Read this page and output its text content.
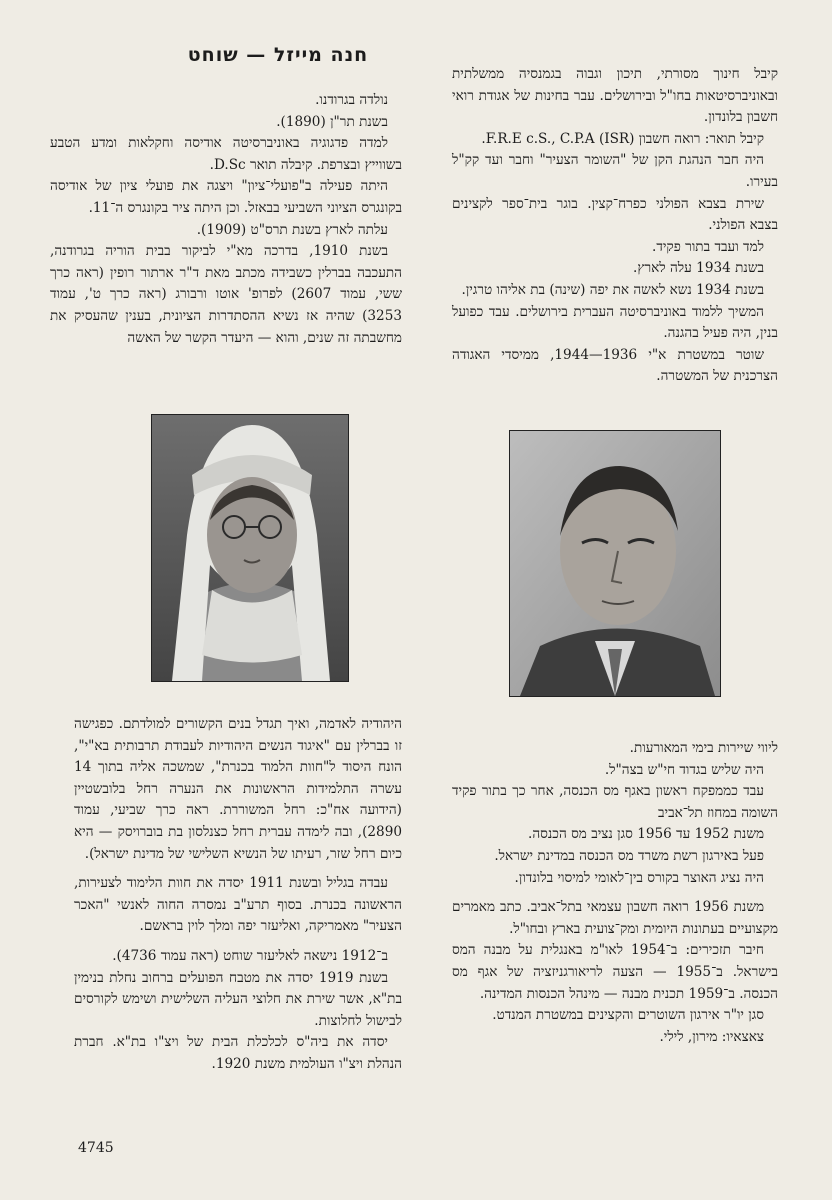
חנה מייזל — שוחט

קיבל חינוך מסורתי, תיכון וגבוה בגמנסיה ממשלתית ובאוניברסיטאות בחו"ל ובירושלים. עבר בחינות של אגודת רואי חשבון בלונדון.

קיבל תואר: רואה חשבון (ISR) F.R.E c.S., C.P.A.

היה חבר הנהגת הקן של "השומר הצעיר" וחבר ועד קק"ל בעירו.

שירת בצבא הפולני כפרח־קצין. בוגר בית־ספר לקצינים בצבא הפולני.

למד ועבד בתור פקיד.

בשנת 1934 עלה לארץ.

בשנת 1934 נשא לאשה את יפה (שינה) בת אליהו טרגין.

המשיך ללמוד באוניברסיטה העברית בירושלים. עבד כפועל בנין, היה פעיל בהגנה.

שוטר במשטרת א"י 1936—1944, ממיסדי האגודה הצרכנית של המשטרה.

נולדה בגרודנו.

בשנת תר"ן (1890).

למדה פדגוגיה באוניברסיטה אודיסה וחקלאות ומדע הטבע בשווייץ ובצרפת. קיבלה תואר D.Sc.

היתה פעילה ב"פועלי־ציון" ויצגה את פועלי ציון של אודיסה בקונגרס הציוני השביעי בבאזל. וכן היתה ציר בקונגרס ה־11.

עלתה לארץ בשנת תרס"ט (1909).

בשנת 1910, בדרכה מא"י לביקור בבית הוריה בגרודנה, התעכבה בברלין כשבידה מכתב מאת ד"ר ארתור רופין (ראה כרך ששי, עמוד 2607) לפרופ' אוטו ורבורג (ראה כרך ט', עמוד 3253) שהיה אז נשיא ההסתדרות הציונית, בענין שהעסיק את מחשבתה זה שנים, והוא — היעדר הקשר של האשה

ליווי שיירות בימי המאורעות.

היה שליש בגדוד חי"ש בצה"ל.

עבד כממפקח ראשון באגף מס הכנסה, אחר כך בתור פקיד השומה במחוז תל־אביב

משנת 1952 עד 1956 סגן נציב מס הכנסה.

פעל באירגון רשת משרד מס הכנסה במדינת ישראל.

היה נציג האוצר בקורס בין־לאומי למיסוי בלונדון.

משנת 1956 רואה חשבון עצמאי בתל־אביב. כתב מאמרים מקצועיים בעתונות היומית ומק־צועית בארץ ובחו"ל.

חיבר תזכירים: ב־1954 לאו"מ באנגלית על מבנה המס בישראל. ב־1955 — הצעה לריאורגניזציה של אגף מס הכנסה. ב־1959 תכנית מבנה — מינהל הכנסות המדינה.

סגן יו"ר אירגון השוטרים והקצינים במשטרת המנדט.

צאצאיו: מירון, לילי.

היהודיה לאדמה, ואיך תגדל בנים הקשורים למולדתם. כפגישה זו בברלין עם "איגוד הנשים היהודיות לעבודת תרבותית בא"י", הונח היסוד ל"חוות הלמוד בכנרת", שמשכה אליה בתוך 14 עשרה התלמידות הראשונות את הנערה רחל בלובשטיין (הידועה אח"כ: רחל המשוררת. ראה כרך שביעי, עמוד 2890), ובה לימדה עברית רחל כצנלסון בת בוברויסק — היא כיום רחל שזר, רעיתו של הנשיא השלישי של מדינת ישראל).

עבדה בגליל ובשנת 1911 יסדה את חוות הלימוד לצעירות, הראשונה בכנרת. בסוף תרע"ב נמסרה החוה לאנשי "האכר הצעיר" מאמריקה, ואליעזר יפה ומלך לוין בראשם.

ב־1912 נישאה לאליעזר שוחט (ראה עמוד 4736).

בשנת 1919 יסדה את מטבח הפועלים ברחוב נחלת בנימין בת"א, אשר שירת את חלוצי העליה השלישית ושימש לקורסים לבישול לחלוצות.

יסדה את ביה"ס לכלכלת הבית של ויצ"ו בת"א. חברת הנהלת ויצ"ו העולמית משנת 1920.

4745
